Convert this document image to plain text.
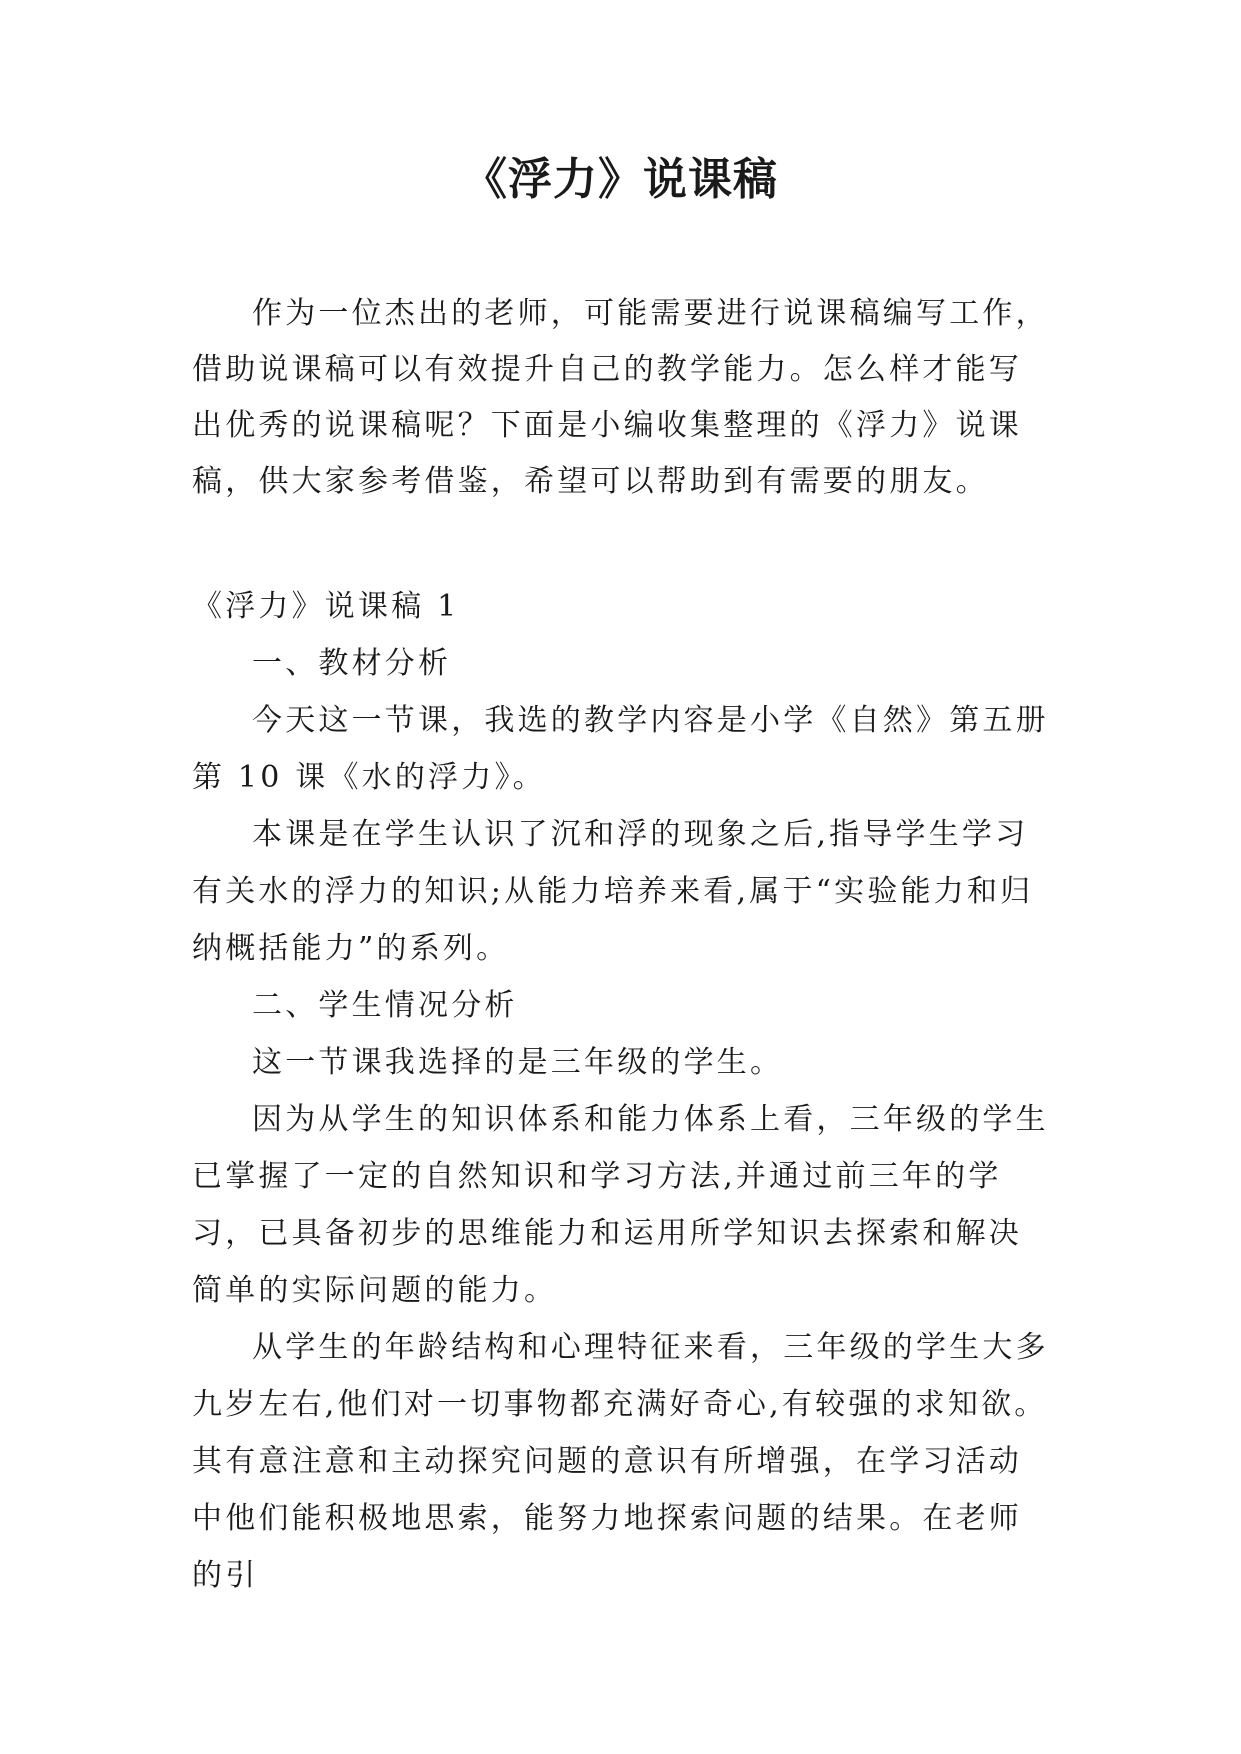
《浮力》说课稿

作为一位杰出的老师，可能需要进行说课稿编写工作，借助说课稿可以有效提升自己的教学能力。怎么样才能写出优秀的说课稿呢？下面是小编收集整理的《浮力》说课稿，供大家参考借鉴，希望可以帮助到有需要的朋友。

《浮力》说课稿 1

一、教材分析

今天这一节课，我选的教学内容是小学《自然》第五册第 10 课《水的浮力》。

本课是在学生认识了沉和浮的现象之后,指导学生学习有关水的浮力的知识;从能力培养来看,属于“实验能力和归纳概括能力”的系列。

二、学生情况分析

这一节课我选择的是三年级的学生。

因为从学生的知识体系和能力体系上看，三年级的学生已掌握了一定的自然知识和学习方法,并通过前三年的学习，已具备初步的思维能力和运用所学知识去探索和解决简单的实际问题的能力。

从学生的年龄结构和心理特征来看，三年级的学生大多九岁左右,他们对一切事物都充满好奇心,有较强的求知欲。其有意注意和主动探究问题的意识有所增强，在学习活动中他们能积极地思索，能努力地探索问题的结果。在老师的引
